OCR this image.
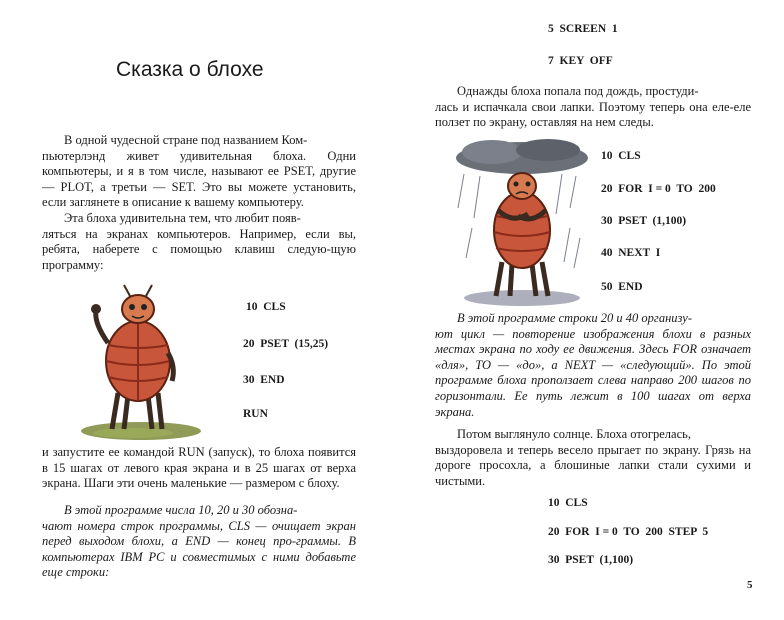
Сказка о блохе

В одной чудесной стране под названием Ком-

пьютерлэнд живет удивительная блоха. Одни компьютеры, и я в том числе, называют ее PSET, другие — PLOT, а третьи — SET. Это вы можете установить, если заглянете в описание к вашему компьютеру.

Эта блоха удивительна тем, что любит появ-

ляться на экранах компьютеров. Например, если вы, ребята, наберете с помощью клавиш следую-щую программу:

10  CLS
20  PSET  (15,25)
30  END
RUN

и запустите ее командой RUN (запуск), то блоха появится в 15 шагах от левого края экрана и в 25 шагах от верха экрана. Шаги эти очень маленькие — размером с блоху.

В этой программе числа 10, 20 и 30 обозна-

чают номера строк программы, CLS — очищает экран перед выходом блохи, а END — конец про-граммы. В компьютерах IBM PC и совместимых с ними добавьте еще строки:

5  SCREEN  1
7  KEY  OFF

Однажды блоха попала под дождь, простуди-

лась и испачкала свои лапки. Поэтому теперь она еле-еле ползет по экрану, оставляя на нем следы.

10  CLS
20  FOR  I = 0  TO  200
30  PSET  (1,100)
40  NEXT  I
50  END

В этой программе строки 20 и 40 организу-

ют цикл — повторение изображения блохи в разных местах экрана по ходу ее движения. Здесь FOR означает «для», TO — «до», а NEXT — «следующий». По этой программе блоха проползает слева направо 200 шагов по горизонтали. Ее путь лежит в 100 шагах от верха экрана.

Потом выглянуло солнце. Блоха отогрелась,

выздоровела и теперь весело прыгает по экрану. Грязь на дороге просохла, а блошиные лапки стали сухими и чистыми.

10  CLS
20  FOR  I = 0  TO  200  STEP  5
30  PSET  (1,100)
5
